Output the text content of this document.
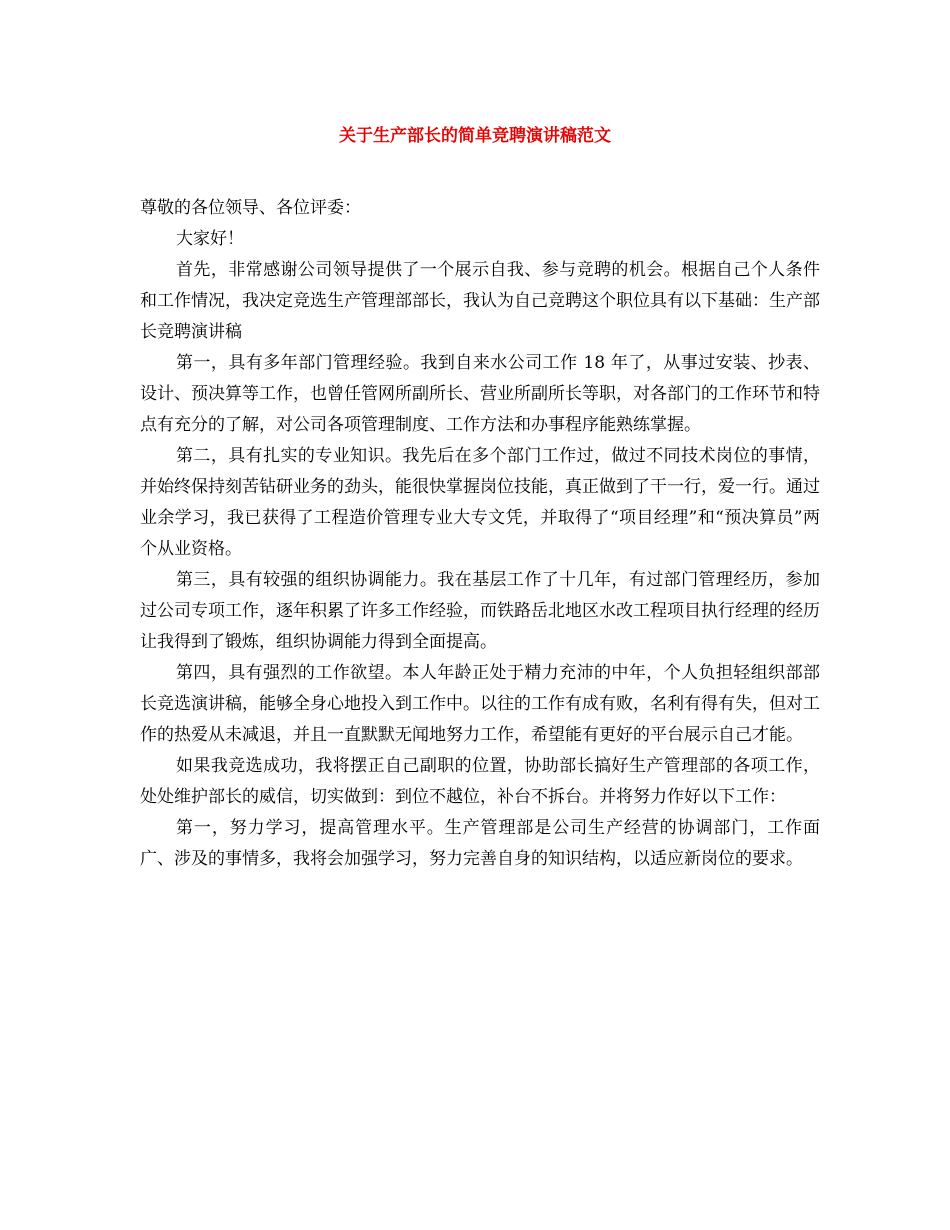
关于生产部长的简单竞聘演讲稿范文

尊敬的各位领导、各位评委：

大家好！

首先，非常感谢公司领导提供了一个展示自我、参与竞聘的机会。根据自己个人条件和工作情况，我决定竞选生产管理部部长，我认为自己竞聘这个职位具有以下基础：生产部长竞聘演讲稿

第一，具有多年部门管理经验。我到自来水公司工作 18 年了，从事过安装、抄表、设计、预决算等工作，也曾任管网所副所长、营业所副所长等职，对各部门的工作环节和特点有充分的了解，对公司各项管理制度、工作方法和办事程序能熟练掌握。

第二，具有扎实的专业知识。我先后在多个部门工作过，做过不同技术岗位的事情，并始终保持刻苦钻研业务的劲头，能很快掌握岗位技能，真正做到了干一行，爱一行。通过业余学习，我已获得了工程造价管理专业大专文凭，并取得了“项目经理”和“预决算员”两个从业资格。

第三，具有较强的组织协调能力。我在基层工作了十几年，有过部门管理经历，参加过公司专项工作，逐年积累了许多工作经验，而铁路岳北地区水改工程项目执行经理的经历让我得到了锻炼，组织协调能力得到全面提高。

第四，具有强烈的工作欲望。本人年龄正处于精力充沛的中年，个人负担轻组织部部长竞选演讲稿，能够全身心地投入到工作中。以往的工作有成有败，名利有得有失，但对工作的热爱从未减退，并且一直默默无闻地努力工作，希望能有更好的平台展示自己才能。

如果我竞选成功，我将摆正自己副职的位置，协助部长搞好生产管理部的各项工作，处处维护部长的威信，切实做到：到位不越位，补台不拆台。并将努力作好以下工作：

第一，努力学习，提高管理水平。生产管理部是公司生产经营的协调部门，工作面广、涉及的事情多，我将会加强学习，努力完善自身的知识结构，以适应新岗位的要求。
